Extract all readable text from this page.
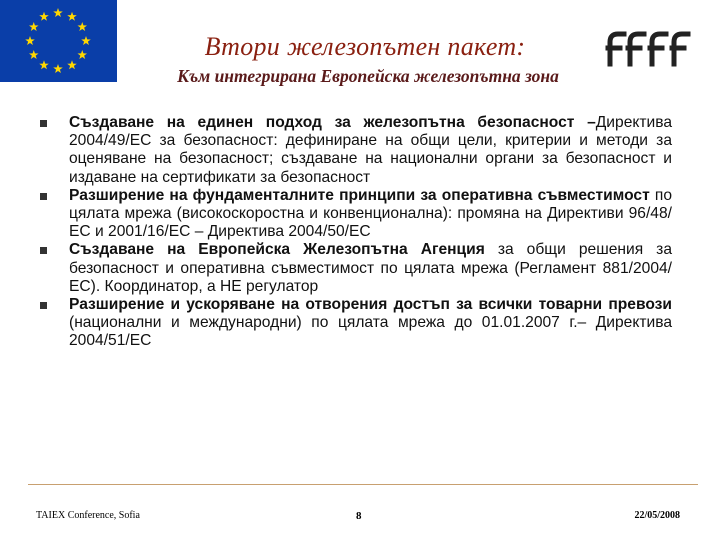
Втори железопътен пакет:
Към интегрирана Европейска железопътна зона
Създаване на единен подход за железопътна безопасност –Директива 2004/49/ЕС за безопасност: дефиниране на общи цели, критерии и методи за оценяване на безопасност; създаване на национални органи за безопасност и издаване на сертификати за безопасност
Разширение на фундаменталните принципи за оперативна съвместимост по цялата мрежа (високоскоростна и конвенционална): промяна на Директиви 96/48/ЕС и 2001/16/ЕС – Директива 2004/50/ЕС
Създаване на Европейска Железопътна Агенция за общи решения за безопасност и оперативна съвместимост по цялата мрежа (Регламент 881/2004/ЕС). Координатор, а НЕ регулатор
Разширение и ускоряване на отворения достъп за всички товарни превози (национални и международни) по цялата мрежа до 01.01.2007 г.– Директива 2004/51/ЕС
TAIEX Conference, Sofia	8	22/05/2008
